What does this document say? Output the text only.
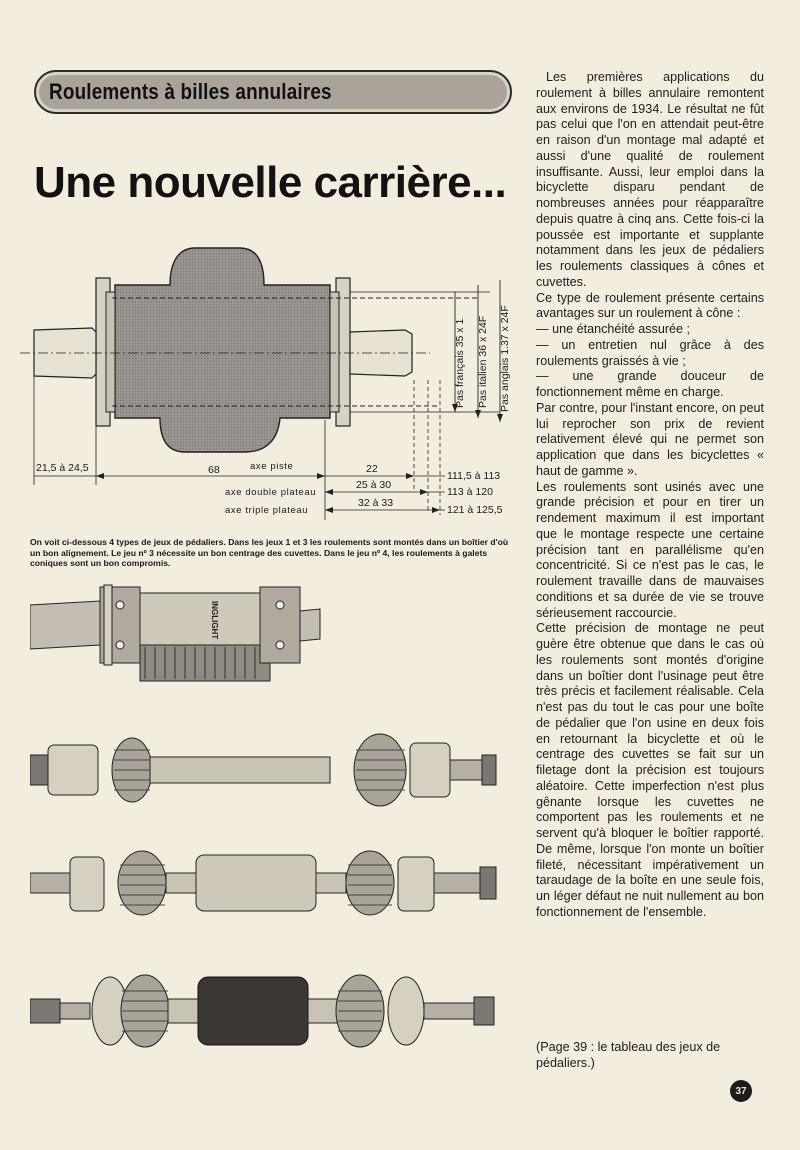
Roulements à billes annulaires
Une nouvelle carrière...
Pas français 35 x 1 Pas italien 36 x 24F Pas anglais 1.37 x 24F
21,5 à 24,5	68	axe piste	22
111,5 à 113
25 à 30
axe double plateau	113 à 120
32 à 33
axe triple plateau	121 à 125,5
On voit ci-dessous 4 types de jeux de pédaliers. Dans les jeux 1 et 3 les roulements sont montés dans un boîtier d'où un bon alignement. Le jeu nº 3 nécessite un bon centrage des cuvettes. Dans le jeu nº 4, les roulements à galets coniques sont un bon compromis.
INGLIGHT

Les premières applications du roulement à billes annulaire remontent aux environs de 1934. Le résultat ne fût pas celui que l'on en attendait peut-être en raison d'un montage mal adapté et aussi d'une qualité de roulement insuffisante. Aussi, leur emploi dans la bicyclette disparu pendant de nombreuses années pour réapparaître depuis quatre à cinq ans. Cette fois-ci la poussée est importante et supplante notamment dans les jeux de pédaliers les roulements classiques à cônes et cuvettes.

Ce type de roulement présente certains avantages sur un roulement à cône :

— une étanchéité assurée ;

— un entretien nul grâce à des roulements graissés à vie ;

— une grande douceur de fonctionnement même en charge.

Par contre, pour l'instant encore, on peut lui reprocher son prix de revient relativement élevé qui ne permet son application que dans les bicyclettes « haut de gamme ».

Les roulements sont usinés avec une grande précision et pour en tirer un rendement maximum il est important que le montage respecte une certaine précision tant en parallélisme qu'en concentricité. Si ce n'est pas le cas, le roulement travaille dans de mauvaises conditions et sa durée de vie se trouve sérieusement raccourcie.

Cette précision de montage ne peut guère être obtenue que dans le cas où les roulements sont montés d'origine dans un boîtier dont l'usinage peut être très précis et facilement réalisable. Cela n'est pas du tout le cas pour une boîte de pédalier que l'on usine en deux fois en retournant la bicyclette et où le centrage des cuvettes se fait sur un filetage dont la précision est toujours aléatoire. Cette imperfection n'est plus gênante lorsque les cuvettes ne comportent pas les roulements et ne servent qu'à bloquer le boîtier rapporté. De même, lorsque l'on monte un boîtier fileté, nécessitant impérativement un taraudage de la boîte en une seule fois, un léger défaut ne nuit nullement au bon fonctionnement de l'ensemble.

(Page 39 : le tableau des jeux de pédaliers.)
37
